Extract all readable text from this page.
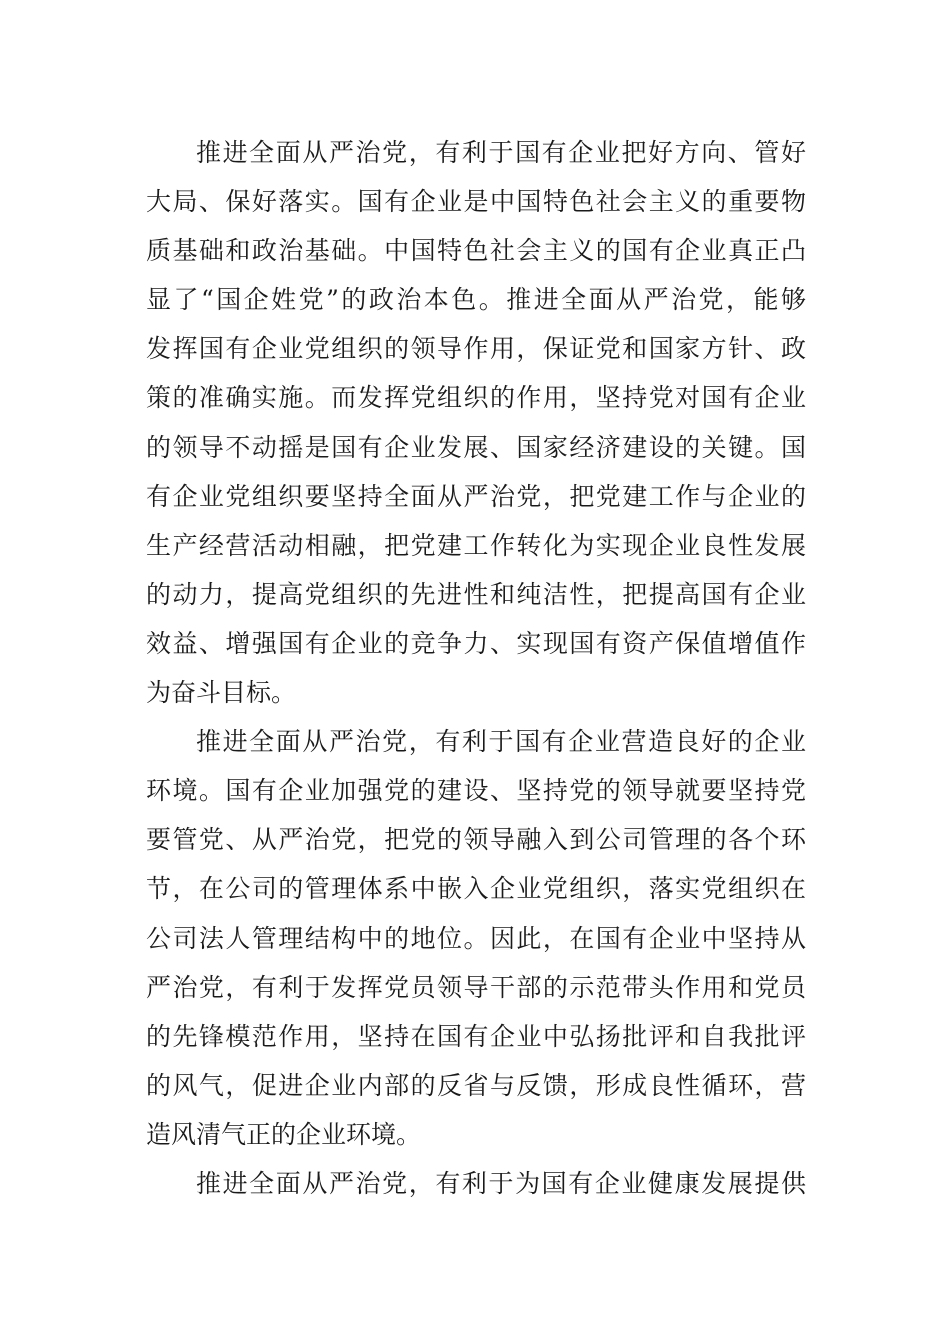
推进全面从严治党，有利于国有企业把好方向、管好
大局、保好落实。国有企业是中国特色社会主义的重要物
质基础和政治基础。中国特色社会主义的国有企业真正凸
显了“国企姓党”的政治本色。推进全面从严治党，能够
发挥国有企业党组织的领导作用，保证党和国家方针、政
策的准确实施。而发挥党组织的作用，坚持党对国有企业
的领导不动摇是国有企业发展、国家经济建设的关键。国
有企业党组织要坚持全面从严治党，把党建工作与企业的
生产经营活动相融，把党建工作转化为实现企业良性发展
的动力，提高党组织的先进性和纯洁性，把提高国有企业
效益、增强国有企业的竞争力、实现国有资产保值增值作
为奋斗目标。
推进全面从严治党，有利于国有企业营造良好的企业
环境。国有企业加强党的建设、坚持党的领导就要坚持党
要管党、从严治党，把党的领导融入到公司管理的各个环
节，在公司的管理体系中嵌入企业党组织，落实党组织在
公司法人管理结构中的地位。因此，在国有企业中坚持从
严治党，有利于发挥党员领导干部的示范带头作用和党员
的先锋模范作用，坚持在国有企业中弘扬批评和自我批评
的风气，促进企业内部的反省与反馈，形成良性循环，营
造风清气正的企业环境。
推进全面从严治党，有利于为国有企业健康发展提供
